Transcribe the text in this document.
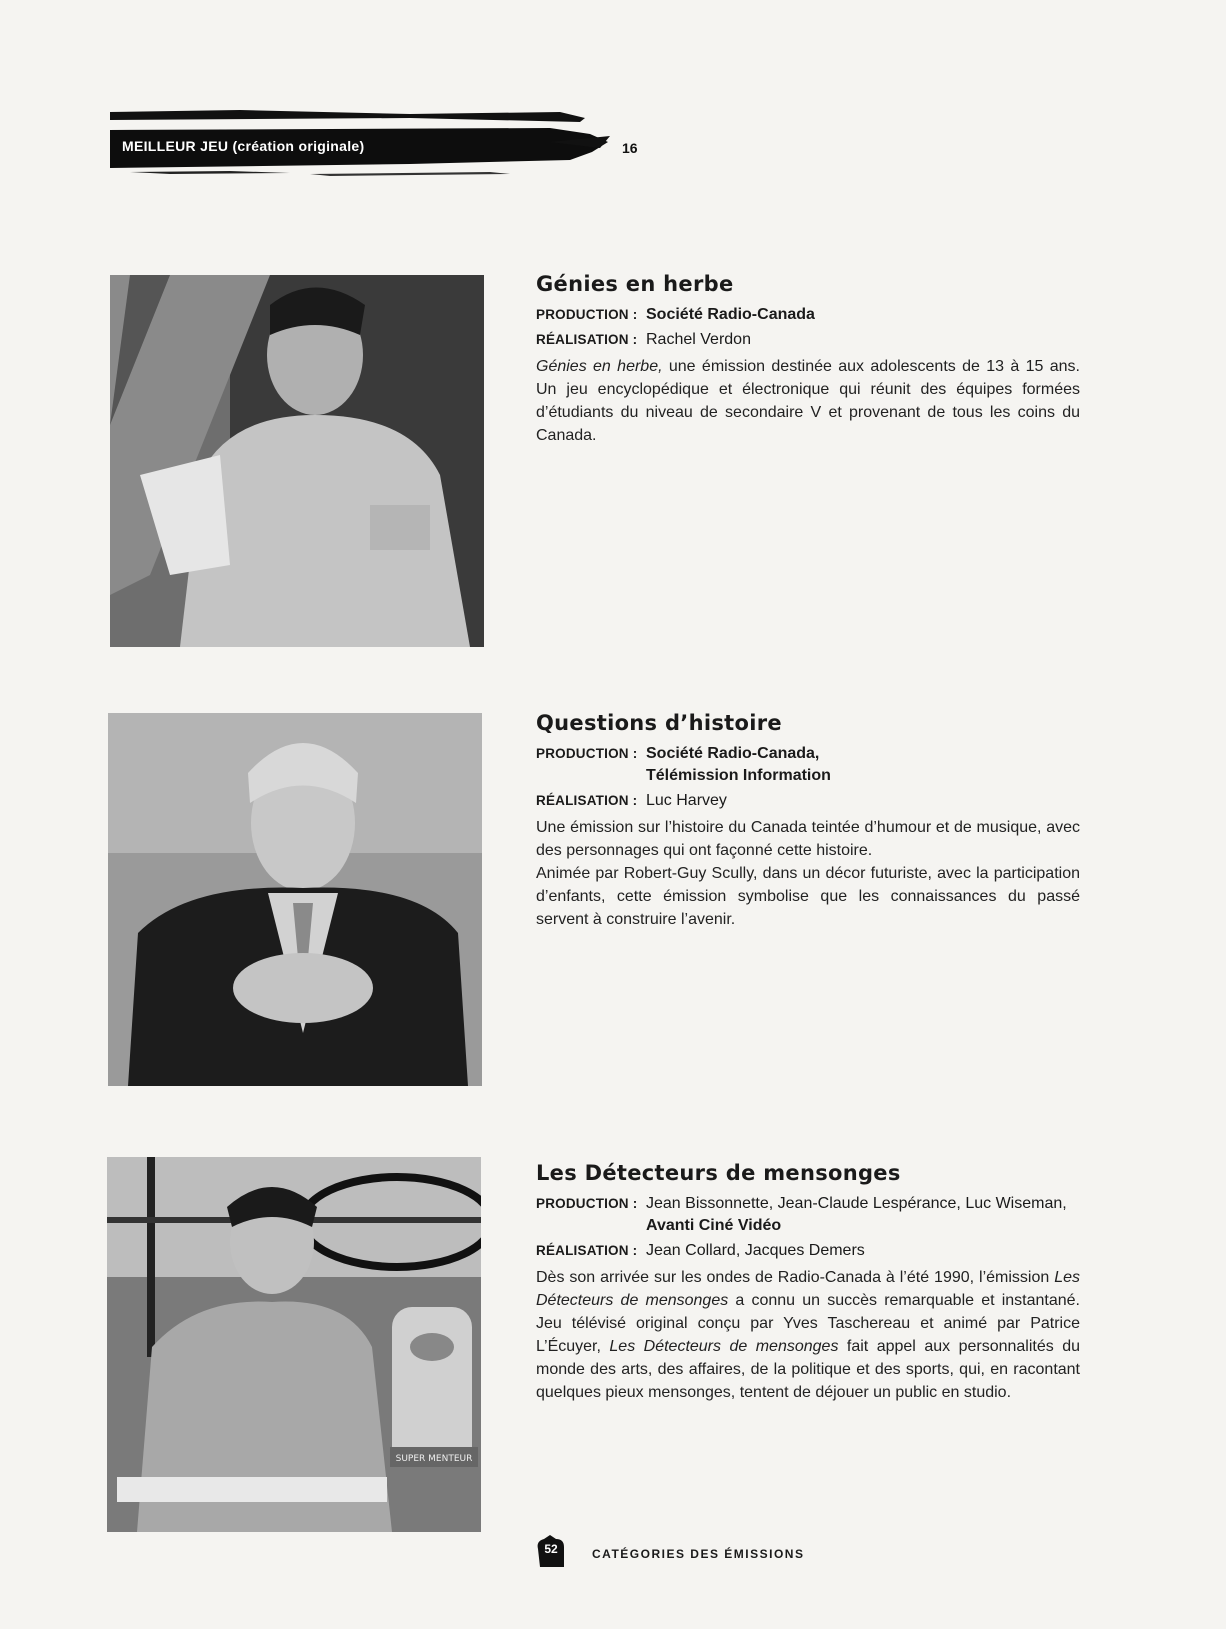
MEILLEUR JEU (création originale)	16
Génies en herbe
PRODUCTION : Société Radio-Canada
RÉALISATION : Rachel Verdon

Génies en herbe, une émission destinée aux adolescents de 13 à 15 ans. Un jeu encyclopédique et électronique qui réunit des équipes formées d’étudiants du niveau de secondaire V et provenant de tous les coins du Canada.

Questions d’histoire
PRODUCTION : Société Radio-Canada,
Télémission Information
RÉALISATION : Luc Harvey

Une émission sur l’histoire du Canada teintée d’humour et de musique, avec des personnages qui ont façonné cette histoire.

Animée par Robert-Guy Scully, dans un décor futuriste, avec la participation d’enfants, cette émission symbolise que les connaissances du passé servent à construire l’avenir.

SUPER MENTEUR
Les Détecteurs de mensonges
PRODUCTION : Jean Bissonnette, Jean-Claude Lespérance, Luc Wiseman,
Avanti Ciné Vidéo
RÉALISATION : Jean Collard, Jacques Demers

Dès son arrivée sur les ondes de Radio-Canada à l’été 1990, l’émission Les Détecteurs de mensonges a connu un succès remarquable et instantané. Jeu télévisé original conçu par Yves Taschereau et animé par Patrice L’Écuyer, Les Détecteurs de mensonges fait appel aux personnalités du monde des arts, des affaires, de la politique et des sports, qui, en racontant quelques pieux mensonges, tentent de déjouer un public en studio.

52	CATÉGORIES DES ÉMISSIONS
